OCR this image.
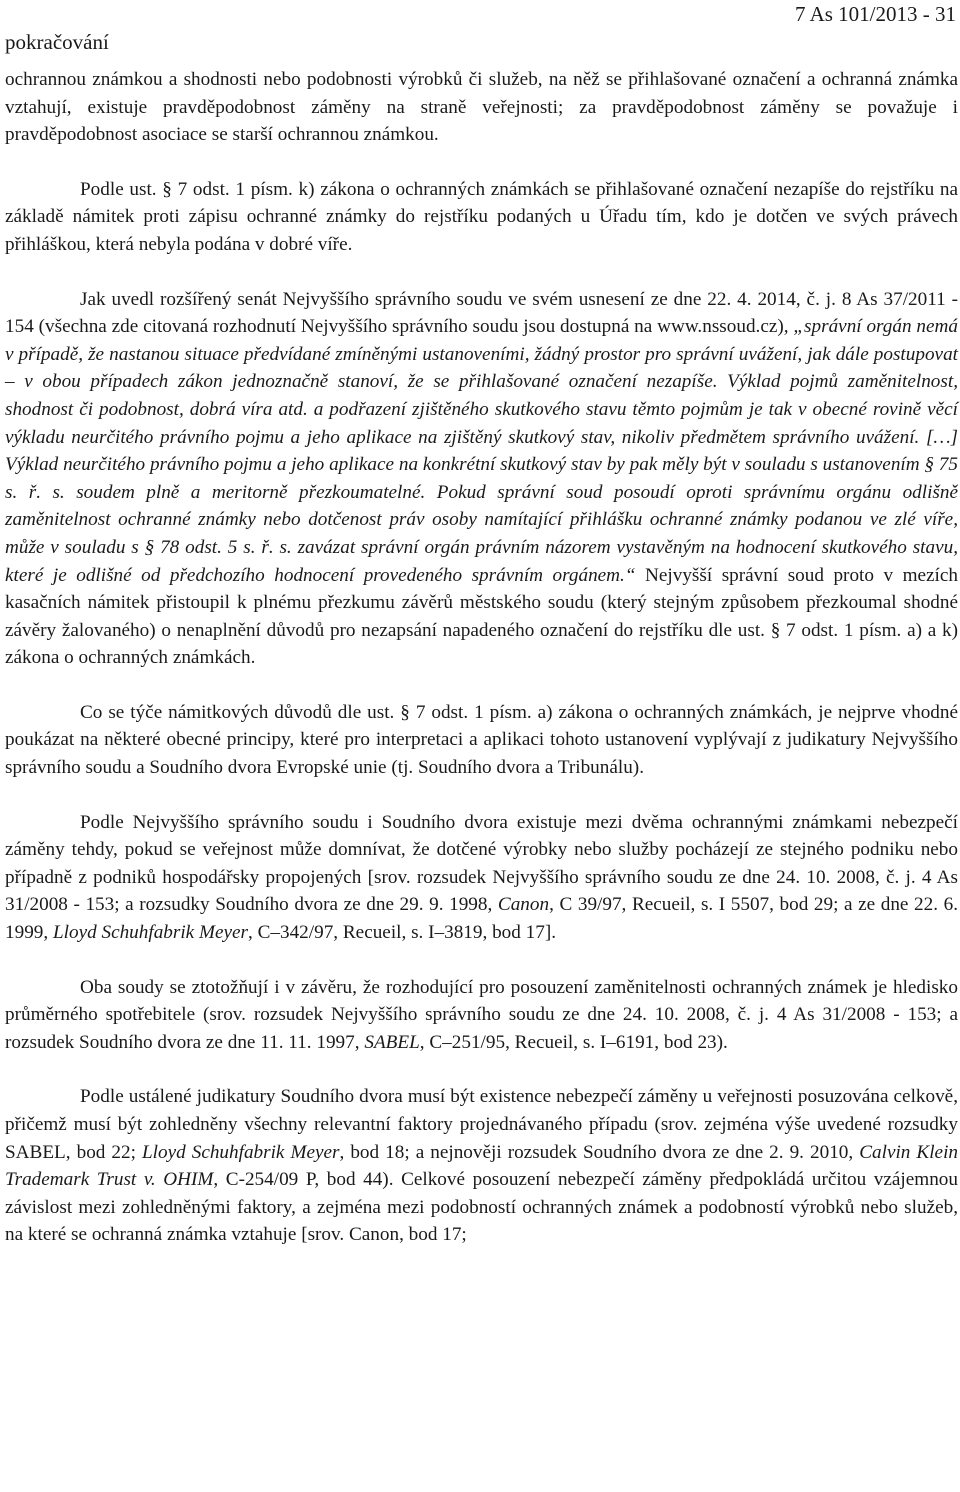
pokračování
7 As 101/2013 - 31

ochrannou známkou a shodnosti nebo podobnosti výrobků či služeb, na něž se přihlašované označení a ochranná známka vztahují, existuje pravděpodobnost záměny na straně veřejnosti; za pravděpodobnost záměny se považuje i pravděpodobnost asociace se starší ochrannou známkou.

Podle ust. § 7 odst. 1 písm. k) zákona o ochranných známkách se přihlašované označení nezapíše do rejstříku na základě námitek proti zápisu ochranné známky do rejstříku podaných u Úřadu tím, kdo je dotčen ve svých právech přihláškou, která nebyla podána v dobré víře.

Jak uvedl rozšířený senát Nejvyššího správního soudu ve svém usnesení ze dne 22. 4. 2014, č. j. 8 As 37/2011 - 154 (všechna zde citovaná rozhodnutí Nejvyššího správního soudu jsou dostupná na www.nssoud.cz), „správní orgán nemá v případě, že nastanou situace předvídané zmíněnými ustanoveními, žádný prostor pro správní uvážení, jak dále postupovat – v obou případech zákon jednoznačně stanoví, že se přihlašované označení nezapíše. Výklad pojmů zaměnitelnost, shodnost či podobnost, dobrá víra atd. a podřazení zjištěného skutkového stavu těmto pojmům je tak v obecné rovině věcí výkladu neurčitého právního pojmu a jeho aplikace na zjištěný skutkový stav, nikoliv předmětem správního uvážení. […] Výklad neurčitého právního pojmu a jeho aplikace na konkrétní skutkový stav by pak měly být v souladu s ustanovením § 75 s. ř. s. soudem plně a meritorně přezkoumatelné. Pokud správní soud posoudí oproti správnímu orgánu odlišně zaměnitelnost ochranné známky nebo dotčenost práv osoby namítající přihlášku ochranné známky podanou ve zlé víře, může v souladu s § 78 odst. 5 s. ř. s. zavázat správní orgán právním názorem vystavěným na hodnocení skutkového stavu, které je odlišné od předchozího hodnocení provedeného správním orgánem.“ Nejvyšší správní soud proto v mezích kasačních námitek přistoupil k plnému přezkumu závěrů městského soudu (který stejným způsobem přezkoumal shodné závěry žalovaného) o nenaplnění důvodů pro nezapsání napadeného označení do rejstříku dle ust. § 7 odst. 1 písm. a) a k) zákona o ochranných známkách.

Co se týče námitkových důvodů dle ust. § 7 odst. 1 písm. a) zákona o ochranných známkách, je nejprve vhodné poukázat na některé obecné principy, které pro interpretaci a aplikaci tohoto ustanovení vyplývají z judikatury Nejvyššího správního soudu a Soudního dvora Evropské unie (tj. Soudního dvora a Tribunálu).

Podle Nejvyššího správního soudu i Soudního dvora existuje mezi dvěma ochrannými známkami nebezpečí záměny tehdy, pokud se veřejnost může domnívat, že dotčené výrobky nebo služby pocházejí ze stejného podniku nebo případně z podniků hospodářsky propojených [srov. rozsudek Nejvyššího správního soudu ze dne 24. 10. 2008, č. j. 4 As 31/2008 - 153; a rozsudky Soudního dvora ze dne 29. 9. 1998, Canon, C 39/97, Recueil, s. I 5507, bod 29; a ze dne 22. 6. 1999, Lloyd Schuhfabrik Meyer, C–342/97, Recueil, s. I–3819, bod 17].

Oba soudy se ztotožňují i v závěru, že rozhodující pro posouzení zaměnitelnosti ochranných známek je hledisko průměrného spotřebitele (srov. rozsudek Nejvyššího správního soudu ze dne 24. 10. 2008, č. j. 4 As 31/2008 - 153; a rozsudek Soudního dvora ze dne 11. 11. 1997, SABEL, C–251/95, Recueil, s. I–6191, bod 23).

Podle ustálené judikatury Soudního dvora musí být existence nebezpečí záměny u veřejnosti posuzována celkově, přičemž musí být zohledněny všechny relevantní faktory projednávaného případu (srov. zejména výše uvedené rozsudky SABEL, bod 22; Lloyd Schuhfabrik Meyer, bod 18; a nejnověji rozsudek Soudního dvora ze dne 2. 9. 2010, Calvin Klein Trademark Trust v. OHIM, C-254/09 P, bod 44). Celkové posouzení nebezpečí záměny předpokládá určitou vzájemnou závislost mezi zohledněnými faktory, a zejména mezi podobností ochranných známek a podobností výrobků nebo služeb, na které se ochranná známka vztahuje [srov. Canon, bod 17;
